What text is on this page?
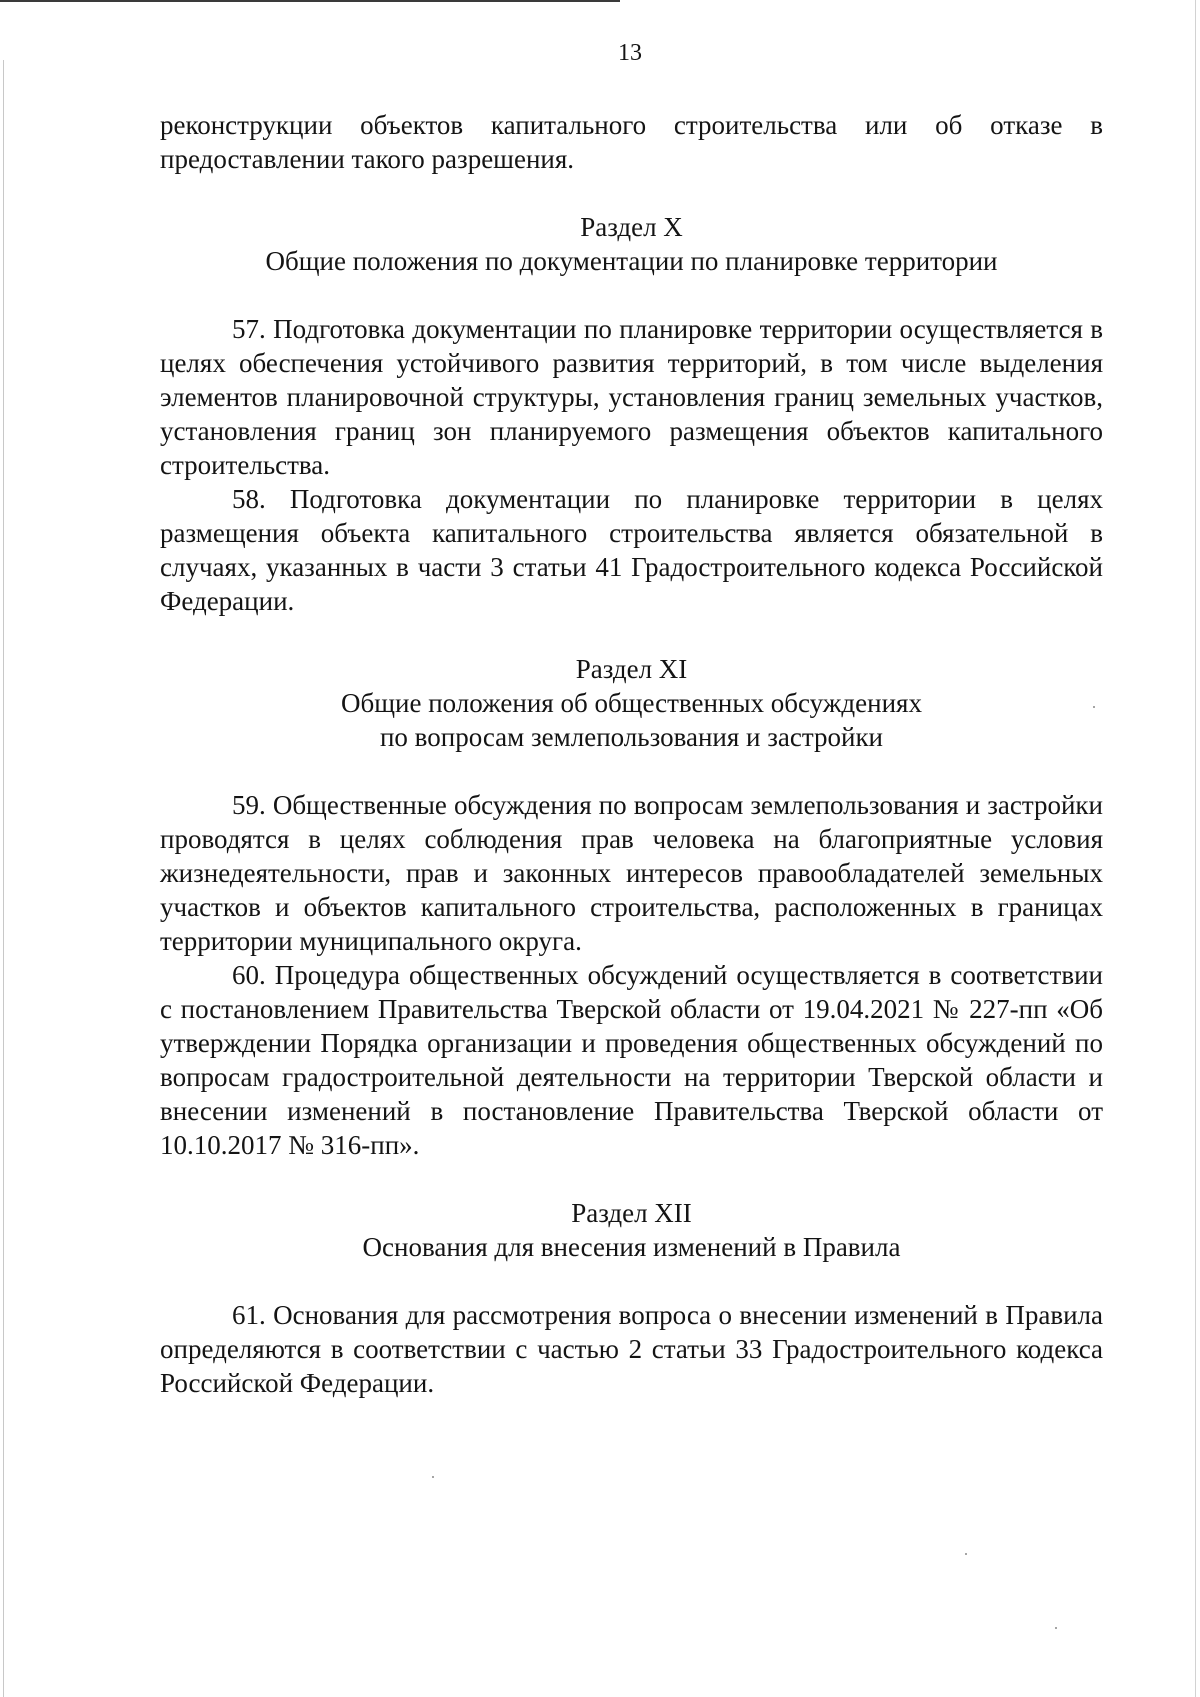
13

реконструкции объектов капитального строительства или об отказе в предоставлении такого разрешения.

Раздел X

Общие положения по документации по планировке территории

57. Подготовка документации по планировке территории осуществляется в целях обеспечения устойчивого развития территорий, в том числе выделения элементов планировочной структуры, установления границ земельных участков, установления границ зон планируемого размещения объектов капитального строительства.

58. Подготовка документации по планировке территории в целях размещения объекта капитального строительства является обязательной в случаях, указанных в части 3 статьи 41 Градостроительного кодекса Российской Федерации.

Раздел XI

Общие положения об общественных обсуждениях

по вопросам землепользования и застройки

59. Общественные обсуждения по вопросам землепользования и застройки проводятся в целях соблюдения прав человека на благоприятные условия жизнедеятельности, прав и законных интересов правообладателей земельных участков и объектов капитального строительства, расположенных в границах территории муниципального округа.

60. Процедура общественных обсуждений осуществляется в соответствии с постановлением Правительства Тверской области от 19.04.2021 № 227-пп «Об утверждении Порядка организации и проведения общественных обсуждений по вопросам градостроительной деятельности на территории Тверской области и внесении изменений в постановление Правительства Тверской области от 10.10.2017 № 316-пп».

Раздел XII

Основания для внесения изменений в Правила

61. Основания для рассмотрения вопроса о внесении изменений в Правила определяются в соответствии с частью 2 статьи 33 Градостроительного кодекса Российской Федерации.
